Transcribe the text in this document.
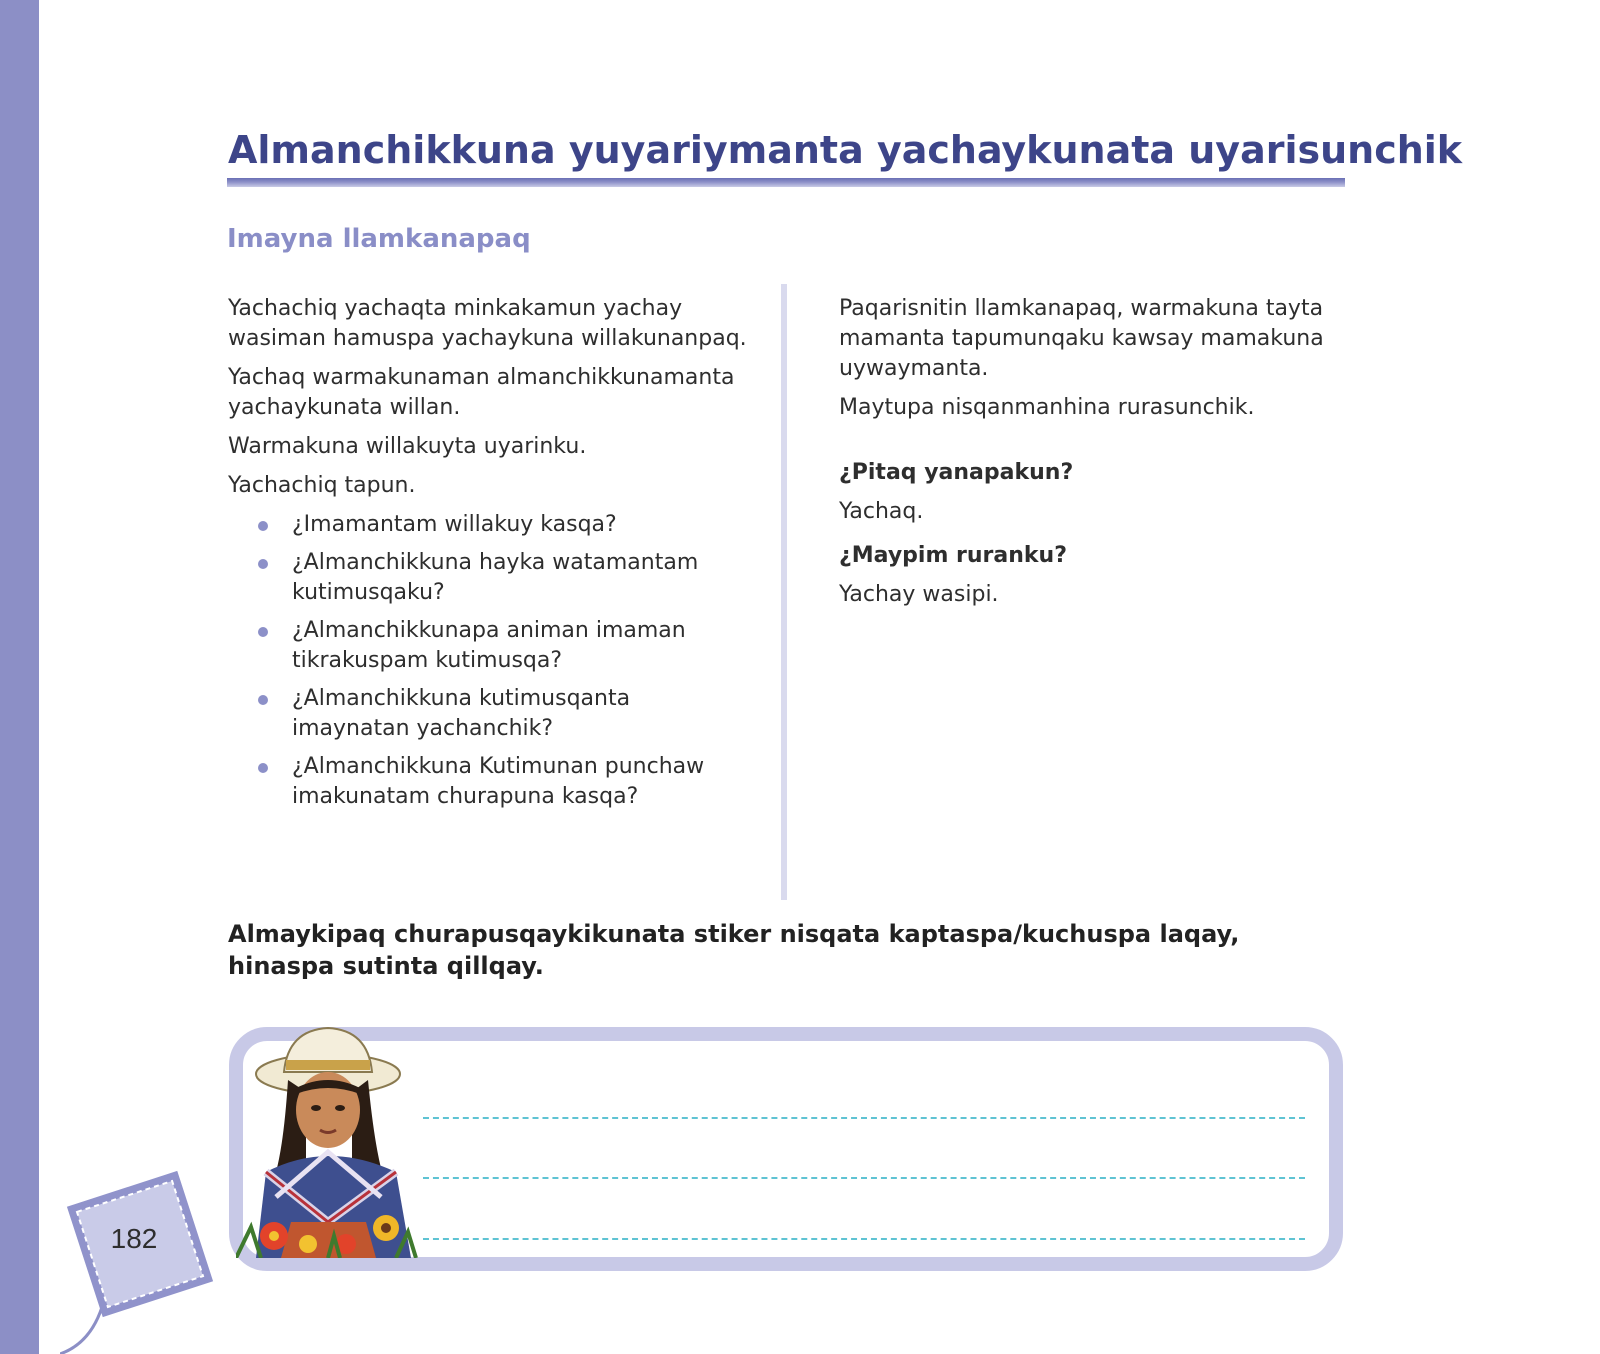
Almanchikkuna yuyariymanta yachaykunata uyarisunchik
Imayna llamkanapaq

Yachachiq yachaqta minkakamun yachay wasiman hamuspa yachaykuna willakunanpaq.

Yachaq warmakunaman almanchikkunamanta yachaykunata willan.

Warmakuna willakuyta uyarinku.

Yachachiq tapun.

¿Imamantam willakuy kasqa?
¿Almanchikkuna hayka watamantam kutimusqaku?
¿Almanchikkunapa animan imaman tikrakuspam kutimusqa?
¿Almanchikkuna kutimusqanta imaynatan yachanchik?
¿Almanchikkuna Kutimunan punchaw imakunatam churapuna kasqa?

Paqarisnitin llamkanapaq, warmakuna tayta mamanta tapumunqaku kawsay mamakuna uywaymanta.

Maytupa nisqanmanhina rurasunchik.

¿Pitaq yanapakun?

Yachaq.

¿Maypim ruranku?

Yachay wasipi.

Almaykipaq churapusqaykikunata stiker nisqata kaptaspa/kuchuspa laqay, hinaspa sutinta qillqay.

182
